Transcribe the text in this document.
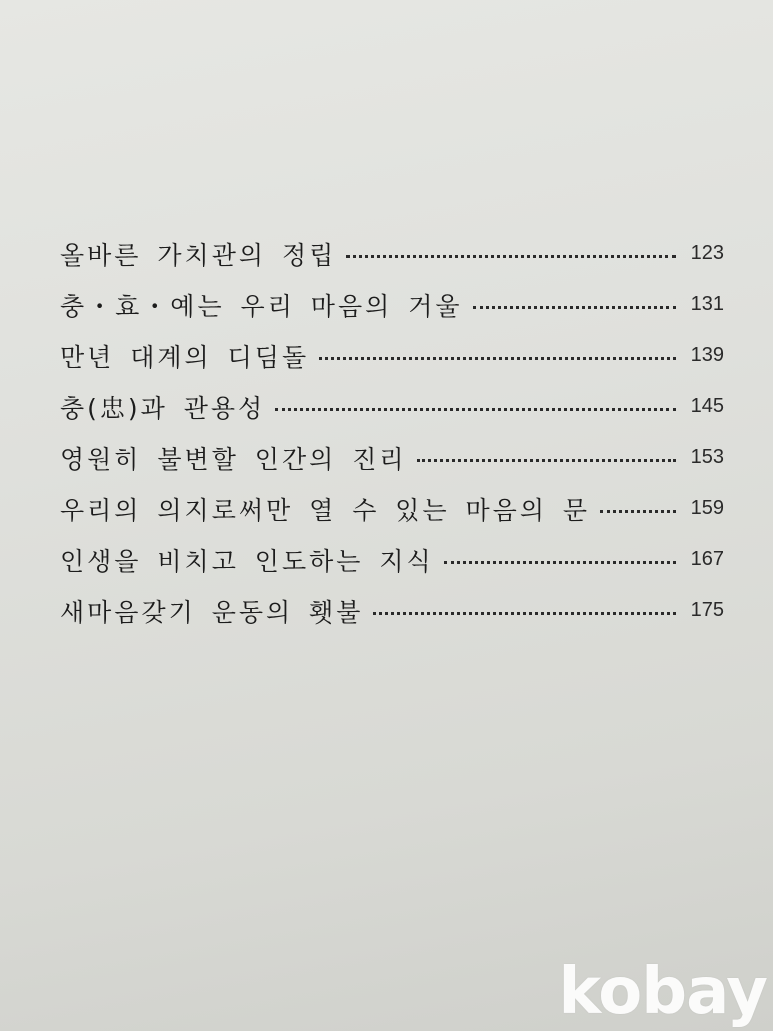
올바른 가치관의 정립	123
충・효・예는 우리 마음의 거울	131
만년 대계의 디딤돌	139
충(忠)과 관용성	145
영원히 불변할 인간의 진리	153
우리의 의지로써만 열 수 있는 마음의 문	159
인생을 비치고 인도하는 지식	167
새마음갖기 운동의 횃불	175
kobay
